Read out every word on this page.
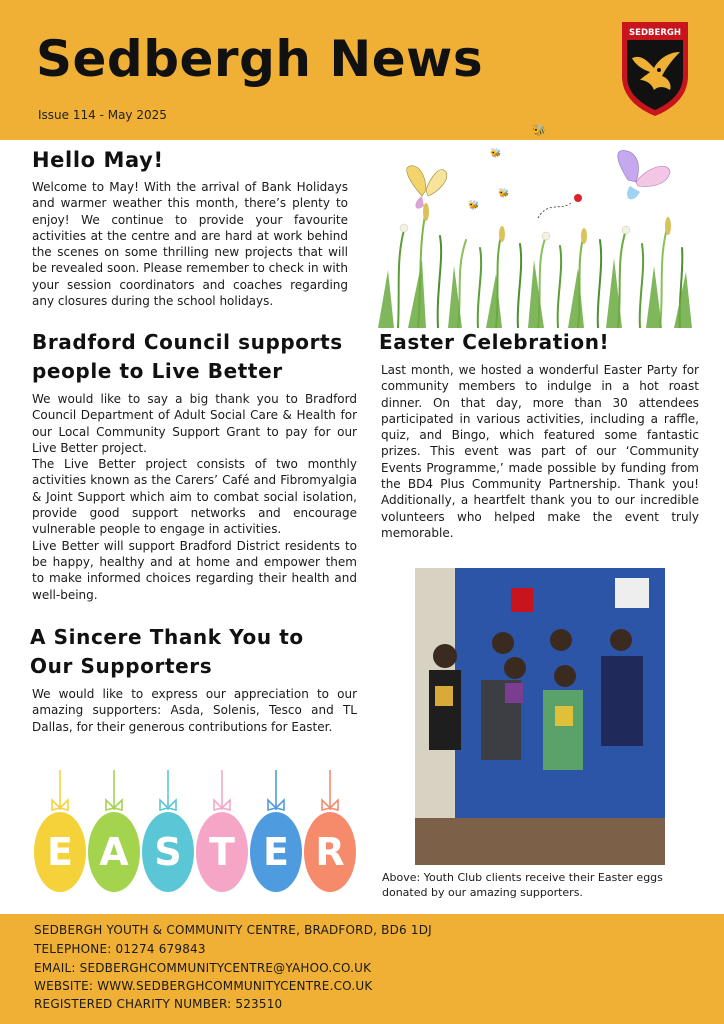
Sedbergh News
Issue 114 - May 2025
SEDBERGH
🐝
Hello May!

Welcome to May! With the arrival of Bank Holidays and warmer weather this month, there’s plenty to enjoy! We continue to provide your favourite activities at the centre and are hard at work behind the scenes on some thrilling new projects that will be revealed soon. Please remember to check in with your session coordinators and coaches regarding any closures during the school holidays.

Bradford Council supports
people to Live Better

We would like to say a big thank you to Bradford Council Department of Adult Social Care & Health for our Local Community Support Grant to pay for our Live Better project.

The Live Better project consists of two monthly activities known as the Carers’ Café and Fibromyalgia & Joint Support which aim to combat social isolation, provide good support networks and encourage vulnerable people to engage in activities.

Live Better will support Bradford District residents to be happy, healthy and at home and empower them to make informed choices regarding their health and well-being.

A Sincere Thank You to
Our Supporters

We would like to express our appreciation to our amazing supporters: Asda, Solenis, Tesco and TL Dallas, for their generous contributions for Easter.

E A S T E R
🐝
🐝
🐝
Easter Celebration!

Last month, we hosted a wonderful Easter Party for community members to indulge in a hot roast dinner. On that day, more than 30 attendees participated in various activities, including a raffle, quiz, and Bingo, which featured some fantastic prizes. This event was part of our ‘Community Events Programme,’ made possible by funding from the BD4 Plus Community Partnership. Thank you! Additionally, a heartfelt thank you to our incredible volunteers who helped make the event truly memorable.

Above: Youth Club clients receive their Easter eggs donated by our amazing supporters.
SEDBERGH YOUTH & COMMUNITY CENTRE, BRADFORD, BD6 1DJ
TELEPHONE: 01274 679843
EMAIL: SEDBERGHCOMMUNITYCENTRE@YAHOO.CO.UK
WEBSITE: WWW.SEDBERGHCOMMUNITYCENTRE.CO.UK
REGISTERED CHARITY NUMBER: 523510
